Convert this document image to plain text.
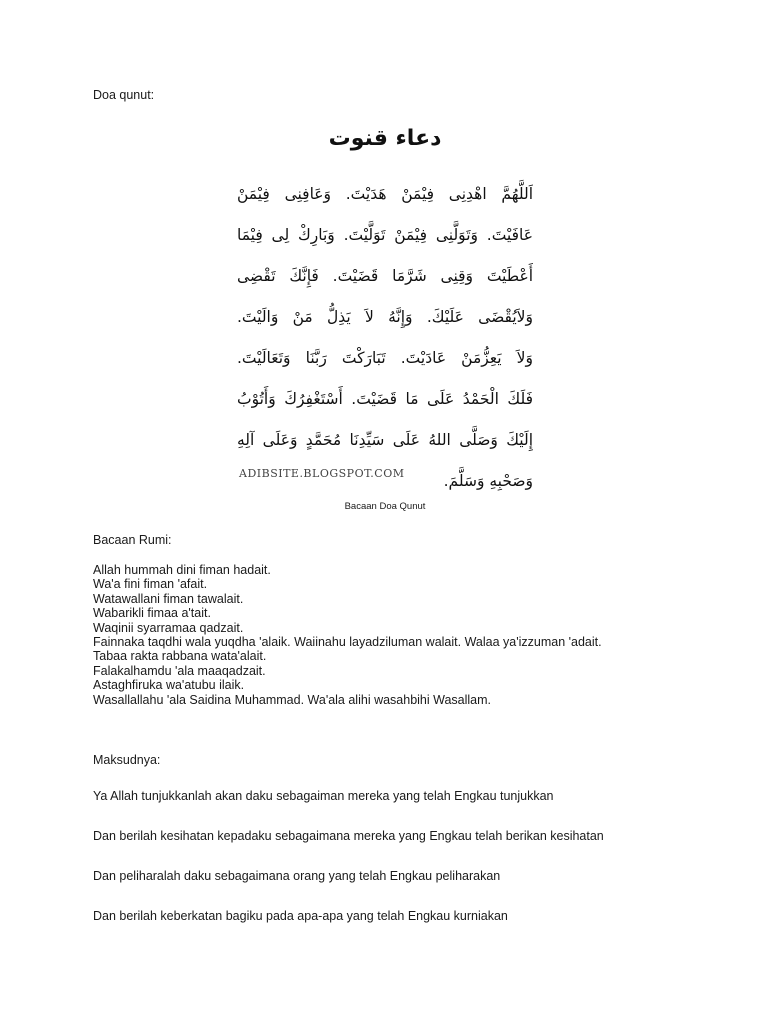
Doa qunut:

دعاء قنوت
اَللَّهُمَّ اهْدِنِى فِيْمَنْ هَدَيْتَ. وَعَافِنِى فِيْمَنْ
عَافَيْتَ. وَتَوَلَّنِى فِيْمَنْ تَوَلَّيْتَ. وَبَارِكْ لِى فِيْمَا
أَعْطَيْتَ وَقِنِى شَرَّمَا قَضَيْتَ. فَإِنَّكَ تَقْضِى
وَلاَيُقْضَى عَلَيْكَ. وَإِنَّهُ لاَ يَذِلُّ مَنْ وَالَيْتَ.
وَلاَ يَعِزُّمَنْ عَادَيْتَ. تَبَارَكْتَ رَبَّنَا وَتَعَالَيْتَ.
فَلَكَ الْحَمْدُ عَلَى مَا قَضَيْتَ. أَسْتَغْفِرُكَ وَأَتُوْبُ
إِلَيْكَ وَصَلَّى اللهُ عَلَى سَيِّدِنَا مُحَمَّدٍ وَعَلَى آلِهِ
وَصَحْبِهِ وَسَلَّمَ.
ADIBSITE.BLOGSPOT.COM

Bacaan Doa Qunut

Bacaan Rumi:

Allah hummah dini fiman hadait.
Wa'a fini fiman 'afait.
Watawallani fiman tawalait.
Wabarikli fimaa a'tait.
Waqinii syarramaa qadzait.
Fainnaka taqdhi wala yuqdha 'alaik. Waiinahu layadziluman walait. Walaa ya'izzuman 'adait.
Tabaa rakta rabbana wata'alait.
Falakalhamdu 'ala maaqadzait.
Astaghfiruka wa'atubu ilaik.
Wasallallahu 'ala Saidina Muhammad. Wa'ala alihi wasahbihi Wasallam.

Maksudnya:

Ya Allah tunjukkanlah akan daku sebagaiman mereka yang telah Engkau tunjukkan

Dan berilah kesihatan kepadaku sebagaimana mereka yang Engkau telah berikan kesihatan

Dan peliharalah daku sebagaimana orang yang telah Engkau peliharakan

Dan berilah keberkatan bagiku pada apa-apa yang telah Engkau kurniakan
